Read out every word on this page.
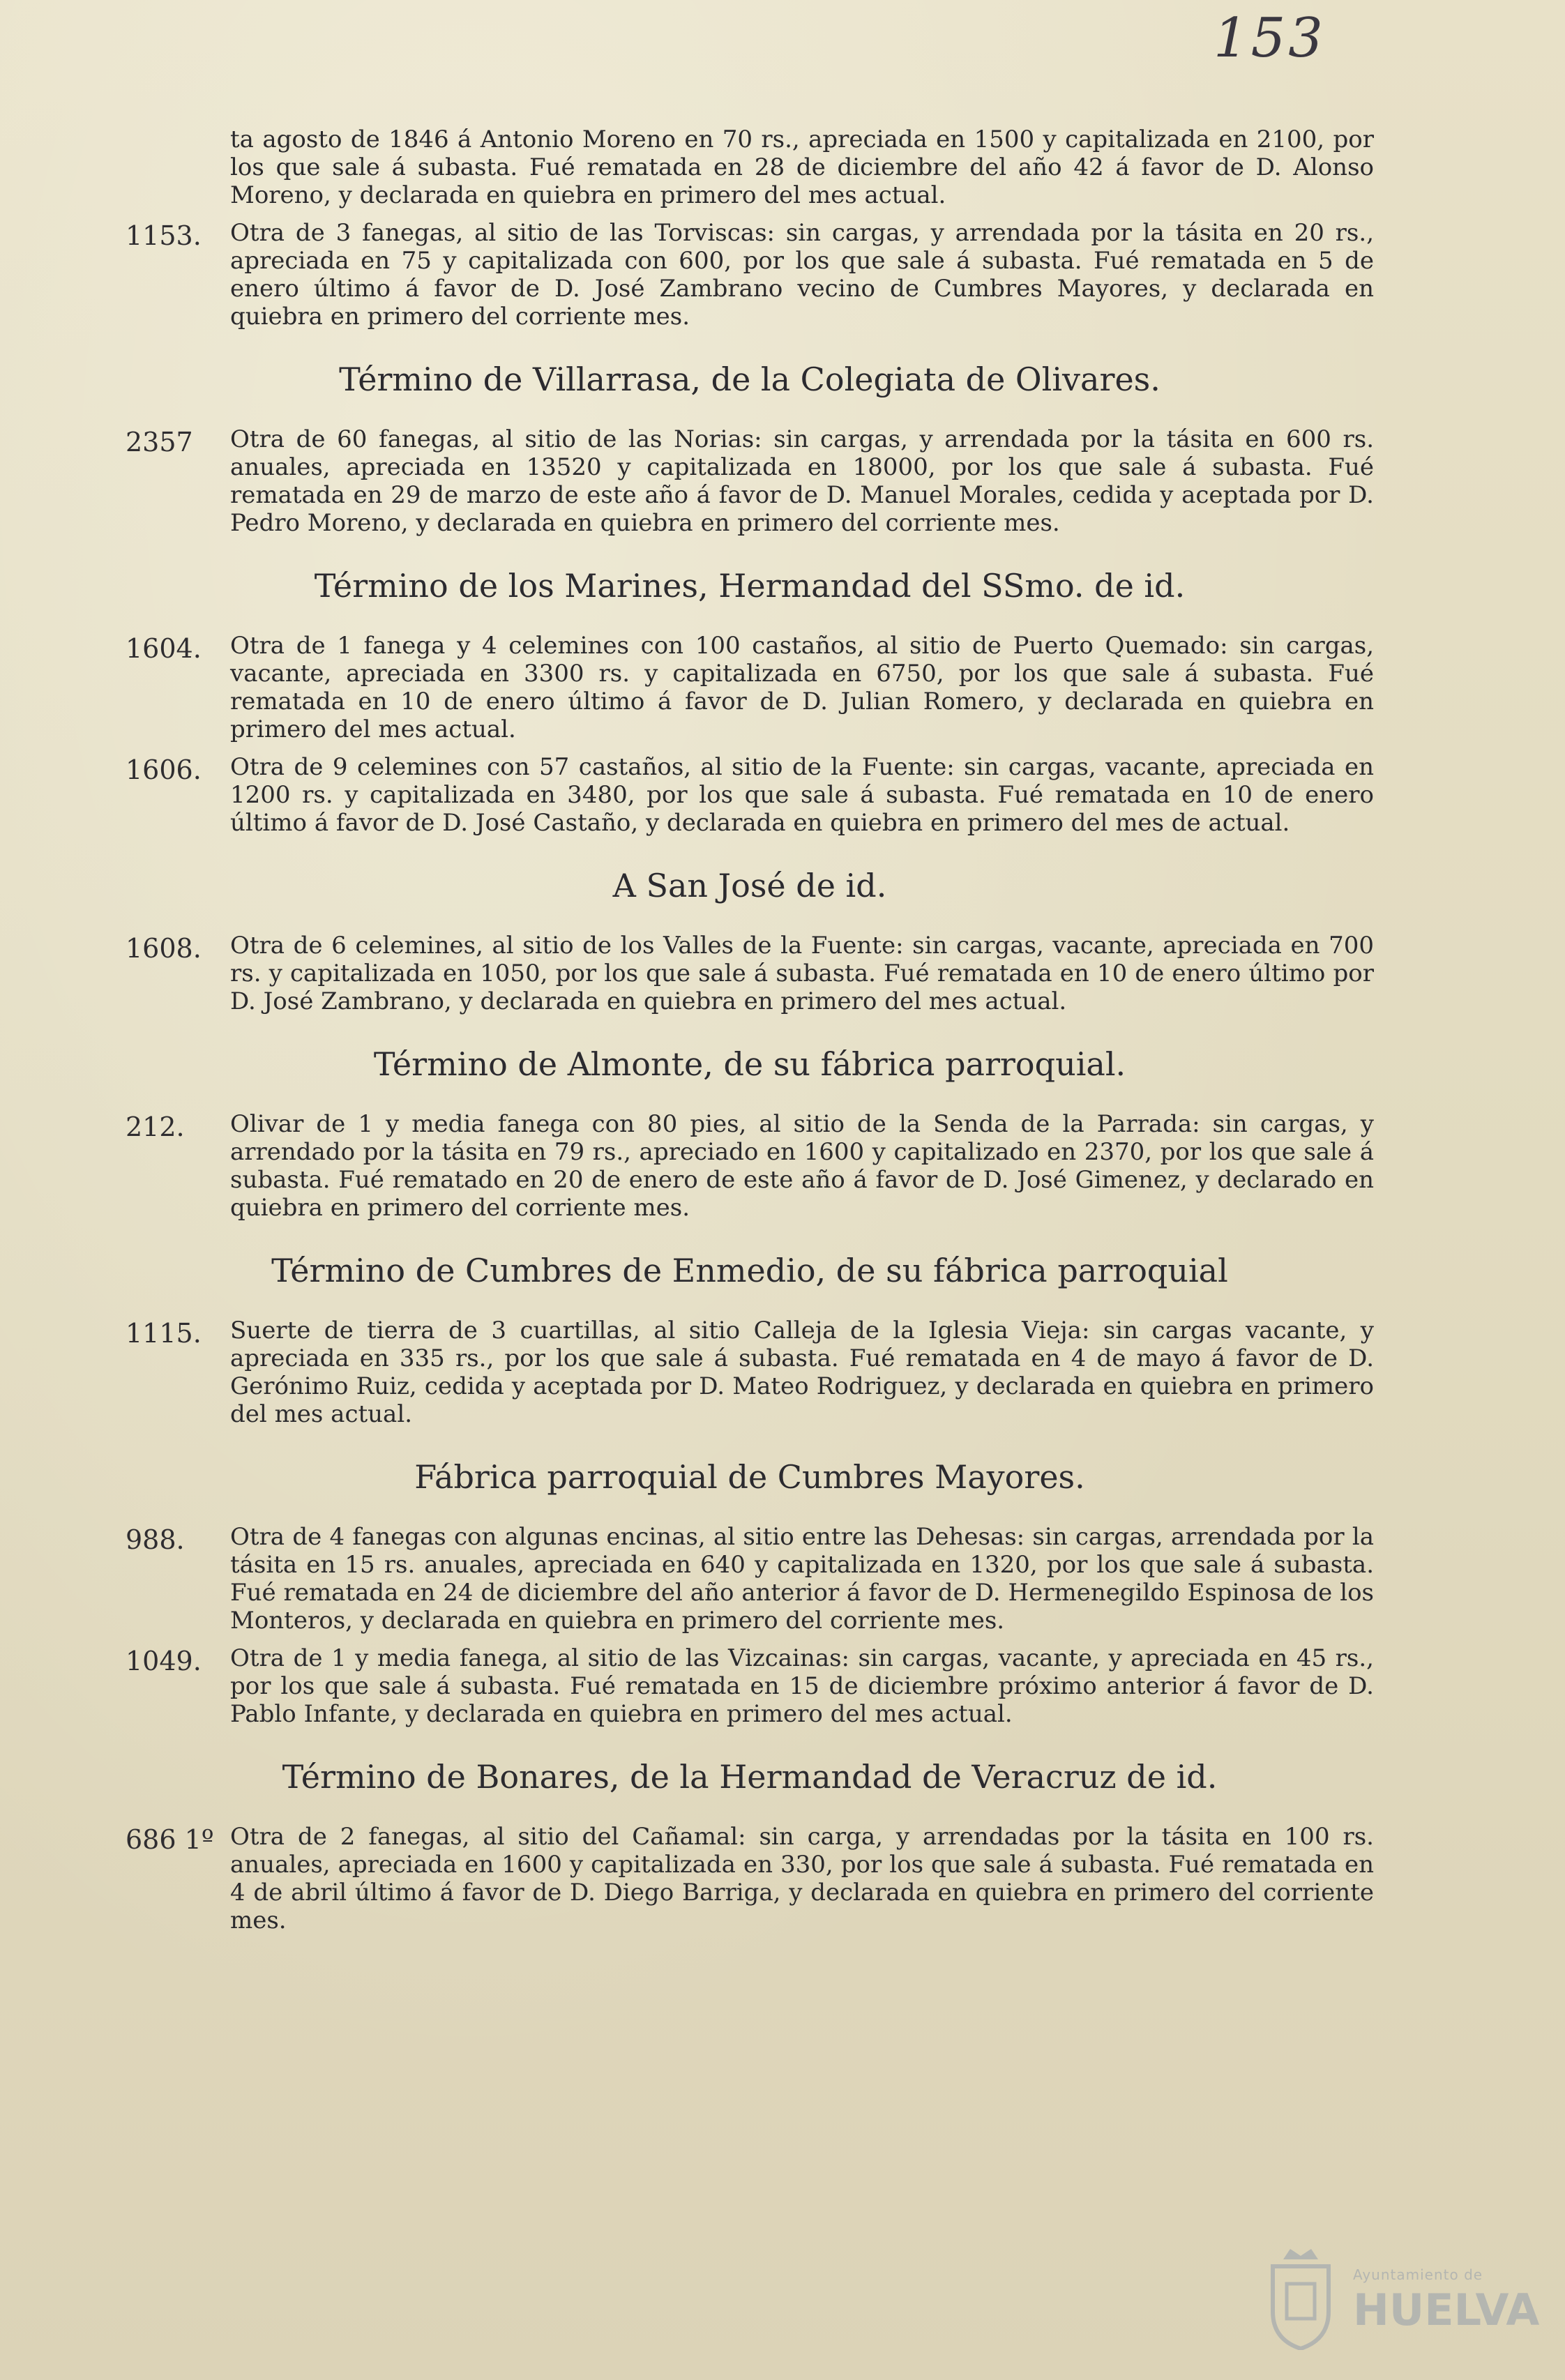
153
ta agosto de 1846 á Antonio Moreno en 70 rs., apreciada en 1500 y capitalizada en 2100, por los que sale á subasta. Fué rematada en 28 de diciembre del año 42 á favor de D. Alonso Moreno, y declarada en quiebra en primero del mes actual.
1153.	Otra de 3 fanegas, al sitio de las Torviscas: sin cargas, y arrendada por la tásita en 20 rs., apreciada en 75 y capitalizada con 600, por los que sale á subasta. Fué rematada en 5 de enero último á favor de D. José Zambrano vecino de Cumbres Mayores, y declarada en quiebra en primero del corriente mes.
Término de Villarrasa, de la Colegiata de Olivares.
2357	Otra de 60 fanegas, al sitio de las Norias: sin cargas, y arrendada por la tásita en 600 rs. anuales, apreciada en 13520 y capitalizada en 18000, por los que sale á subasta. Fué rematada en 29 de marzo de este año á favor de D. Manuel Morales, cedida y aceptada por D. Pedro Moreno, y declarada en quiebra en primero del corriente mes.
Término de los Marines, Hermandad del SSmo. de id.
1604.	Otra de 1 fanega y 4 celemines con 100 castaños, al sitio de Puerto Quemado: sin cargas, vacante, apreciada en 3300 rs. y capitalizada en 6750, por los que sale á subasta. Fué rematada en 10 de enero último á favor de D. Julian Romero, y declarada en quiebra en primero del mes actual.
1606.	Otra de 9 celemines con 57 castaños, al sitio de la Fuente: sin cargas, vacante, apreciada en 1200 rs. y capitalizada en 3480, por los que sale á subasta. Fué rematada en 10 de enero último á favor de D. José Castaño, y declarada en quiebra en primero del mes de actual.
A San José de id.
1608.	Otra de 6 celemines, al sitio de los Valles de la Fuente: sin cargas, vacante, apreciada en 700 rs. y capitalizada en 1050, por los que sale á subasta. Fué rematada en 10 de enero último por D. José Zambrano, y declarada en quiebra en primero del mes actual.
Término de Almonte, de su fábrica parroquial.
212.	Olivar de 1 y media fanega con 80 pies, al sitio de la Senda de la Parrada: sin cargas, y arrendado por la tásita en 79 rs., apreciado en 1600 y capitalizado en 2370, por los que sale á subasta. Fué rematado en 20 de enero de este año á favor de D. José Gimenez, y declarado en quiebra en primero del corriente mes.
Término de Cumbres de Enmedio, de su fábrica parroquial
1115.	Suerte de tierra de 3 cuartillas, al sitio Calleja de la Iglesia Vieja: sin cargas vacante, y apreciada en 335 rs., por los que sale á subasta. Fué rematada en 4 de mayo á favor de D. Gerónimo Ruiz, cedida y aceptada por D. Mateo Rodriguez, y declarada en quiebra en primero del mes actual.
Fábrica parroquial de Cumbres Mayores.
988.	Otra de 4 fanegas con algunas encinas, al sitio entre las Dehesas: sin cargas, arrendada por la tásita en 15 rs. anuales, apreciada en 640 y capitalizada en 1320, por los que sale á subasta. Fué rematada en 24 de diciembre del año anterior á favor de D. Hermenegildo Espinosa de los Monteros, y declarada en quiebra en primero del corriente mes.
1049.	Otra de 1 y media fanega, al sitio de las Vizcainas: sin cargas, vacante, y apreciada en 45 rs., por los que sale á subasta. Fué rematada en 15 de diciembre próximo anterior á favor de D. Pablo Infante, y declarada en quiebra en primero del mes actual.
Término de Bonares, de la Hermandad de Veracruz de id.
686 1º Otra de 2 fanegas, al sitio del Cañamal: sin carga, y arrendadas por la tásita en 100 rs. anuales, apreciada en 1600 y capitalizada en 330, por los que sale á subasta. Fué rematada en 4 de abril último á favor de D. Diego Barriga, y declarada en quiebra en primero del corriente mes.
Ayuntamiento de
HUELVA
